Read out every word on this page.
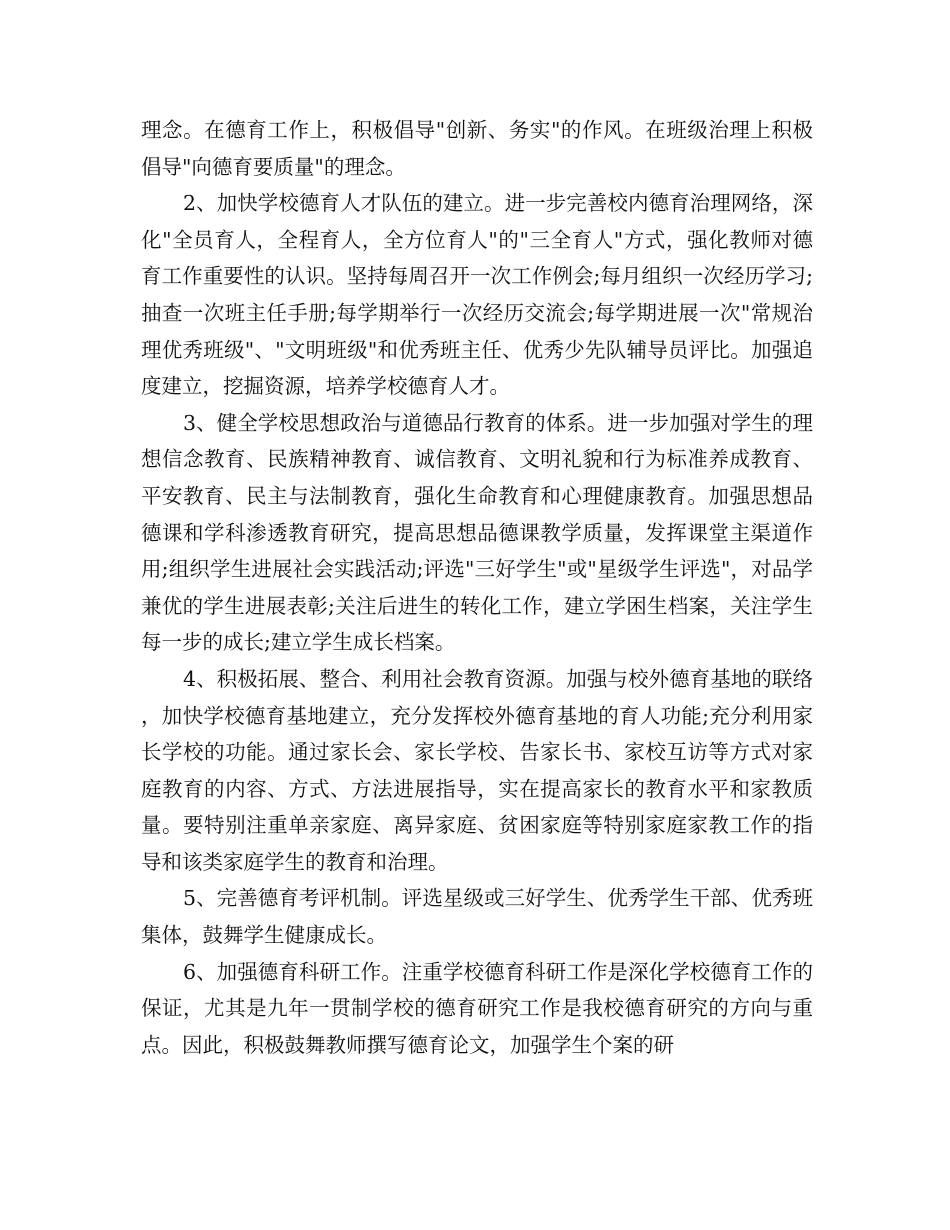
理念。在德育工作上，积极倡导"创新、务实"的作风。在班级治理上积极倡导"向德育要质量"的理念。

2、加快学校德育人才队伍的建立。进一步完善校内德育治理网络，深化"全员育人，全程育人，全方位育人"的"三全育人"方式，强化教师对德育工作重要性的认识。坚持每周召开一次工作例会;每月组织一次经历学习;抽查一次班主任手册;每学期举行一次经历交流会;每学期进展一次"常规治理优秀班级"、"文明班级"和优秀班主任、优秀少先队辅导员评比。加强追度建立，挖掘资源，培养学校德育人才。

3、健全学校思想政治与道德品行教育的体系。进一步加强对学生的理想信念教育、民族精神教育、诚信教育、文明礼貌和行为标准养成教育、平安教育、民主与法制教育，强化生命教育和心理健康教育。加强思想品德课和学科渗透教育研究，提高思想品德课教学质量，发挥课堂主渠道作用;组织学生进展社会实践活动;评选"三好学生"或"星级学生评选"，对品学兼优的学生进展表彰;关注后进生的转化工作，建立学困生档案，关注学生每一步的成长;建立学生成长档案。

4、积极拓展、整合、利用社会教育资源。加强与校外德育基地的联络，加快学校德育基地建立，充分发挥校外德育基地的育人功能;充分利用家长学校的功能。通过家长会、家长学校、告家长书、家校互访等方式对家庭教育的内容、方式、方法进展指导，实在提高家长的教育水平和家教质量。要特别注重单亲家庭、离异家庭、贫困家庭等特别家庭家教工作的指导和该类家庭学生的教育和治理。

5、完善德育考评机制。评选星级或三好学生、优秀学生干部、优秀班集体，鼓舞学生健康成长。

6、加强德育科研工作。注重学校德育科研工作是深化学校德育工作的保证，尤其是九年一贯制学校的德育研究工作是我校德育研究的方向与重点。因此，积极鼓舞教师撰写德育论文，加强学生个案的研
